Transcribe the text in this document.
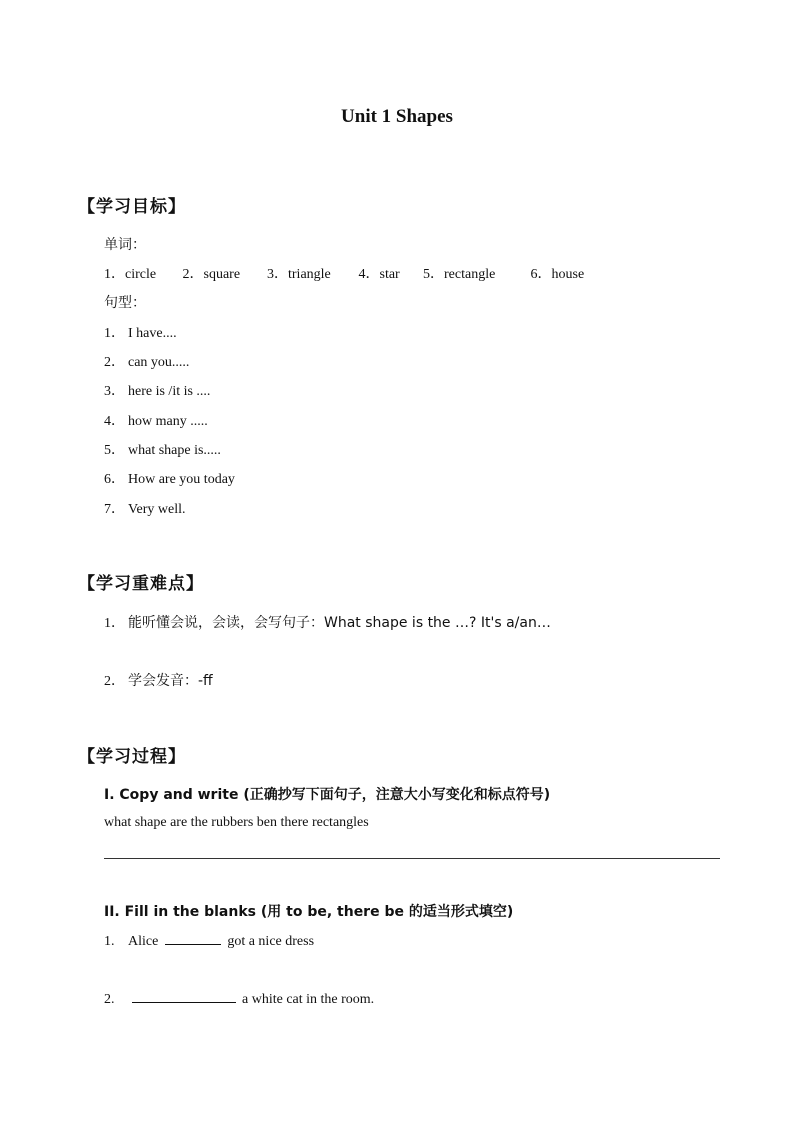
Unit 1 Shapes
【学习目标】
单词：
1．circle 2．square 3．triangle 4．star 5．rectangle	6．house
句型：
1． I have....
2． can you.....
3． here is /it is ....
4． how many .....
5． what shape is.....
6． How are you today
7． Very well.
【学习重难点】
1． 能听懂会说，会读，会写句子：What shape is the …? It's a/an…
2． 学会发音：-ff
【学习过程】
I. Copy and write (正确抄写下面句子，注意大小写变化和标点符号)
what shape are the rubbers ben there rectangles
II. Fill in the blanks (用 to be, there be 的适当形式填空)
1. Alice	got a nice dress
2.	a white cat in the room.
